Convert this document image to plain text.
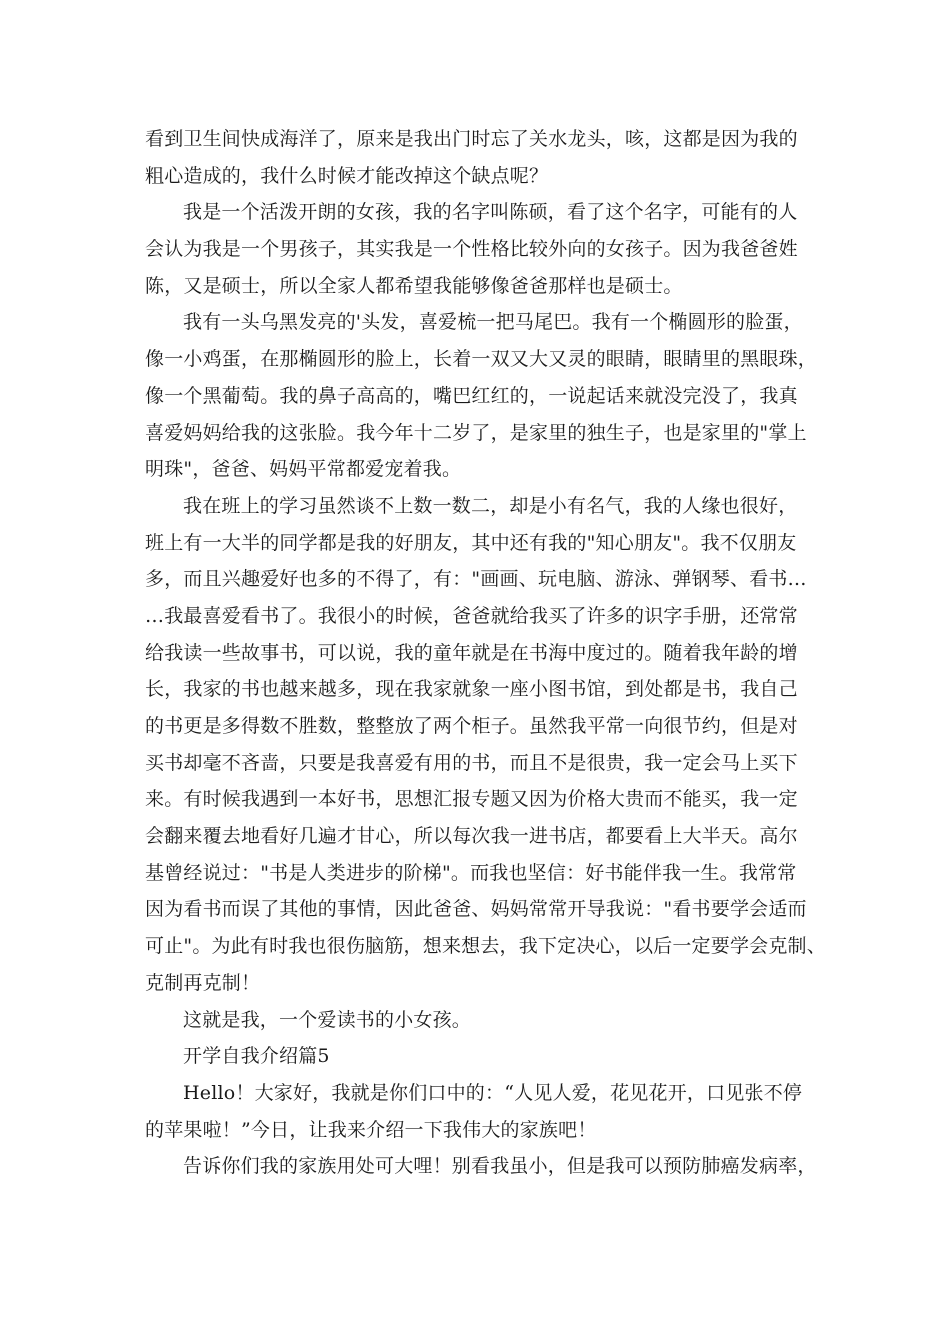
看到卫生间快成海洋了，原来是我出门时忘了关水龙头，咳，这都是因为我的
粗心造成的，我什么时候才能改掉这个缺点呢？
我是一个活泼开朗的女孩，我的名字叫陈硕，看了这个名字，可能有的人
会认为我是一个男孩子，其实我是一个性格比较外向的女孩子。因为我爸爸姓
陈，又是硕士，所以全家人都希望我能够像爸爸那样也是硕士。
我有一头乌黑发亮的'头发，喜爱梳一把马尾巴。我有一个椭圆形的脸蛋，
像一小鸡蛋，在那椭圆形的脸上，长着一双又大又灵的眼睛，眼睛里的黑眼珠，
像一个黑葡萄。我的鼻子高高的，嘴巴红红的，一说起话来就没完没了，我真
喜爱妈妈给我的这张脸。我今年十二岁了，是家里的独生子，也是家里的"掌上
明珠"，爸爸、妈妈平常都爱宠着我。
我在班上的学习虽然谈不上数一数二，却是小有名气，我的人缘也很好，
班上有一大半的同学都是我的好朋友，其中还有我的"知心朋友"。我不仅朋友
多，而且兴趣爱好也多的不得了，有："画画、玩电脑、游泳、弹钢琴、看书…
…我最喜爱看书了。我很小的时候，爸爸就给我买了许多的识字手册，还常常
给我读一些故事书，可以说，我的童年就是在书海中度过的。随着我年龄的增
长，我家的书也越来越多，现在我家就象一座小图书馆，到处都是书，我自己
的书更是多得数不胜数，整整放了两个柜子。虽然我平常一向很节约，但是对
买书却毫不吝啬，只要是我喜爱有用的书，而且不是很贵，我一定会马上买下
来。有时候我遇到一本好书，思想汇报专题又因为价格大贵而不能买，我一定
会翻来覆去地看好几遍才甘心，所以每次我一进书店，都要看上大半天。高尔
基曾经说过："书是人类进步的阶梯"。而我也坚信：好书能伴我一生。我常常
因为看书而误了其他的事情，因此爸爸、妈妈常常开导我说："看书要学会适而
可止"。为此有时我也很伤脑筋，想来想去，我下定决心，以后一定要学会克制、
克制再克制！
这就是我，一个爱读书的小女孩。
开学自我介绍篇5
Hello！大家好，我就是你们口中的：“人见人爱，花见花开，口见张不停
的苹果啦！”今日，让我来介绍一下我伟大的家族吧！
告诉你们我的家族用处可大哩！别看我虽小，但是我可以预防肺癌发病率，
